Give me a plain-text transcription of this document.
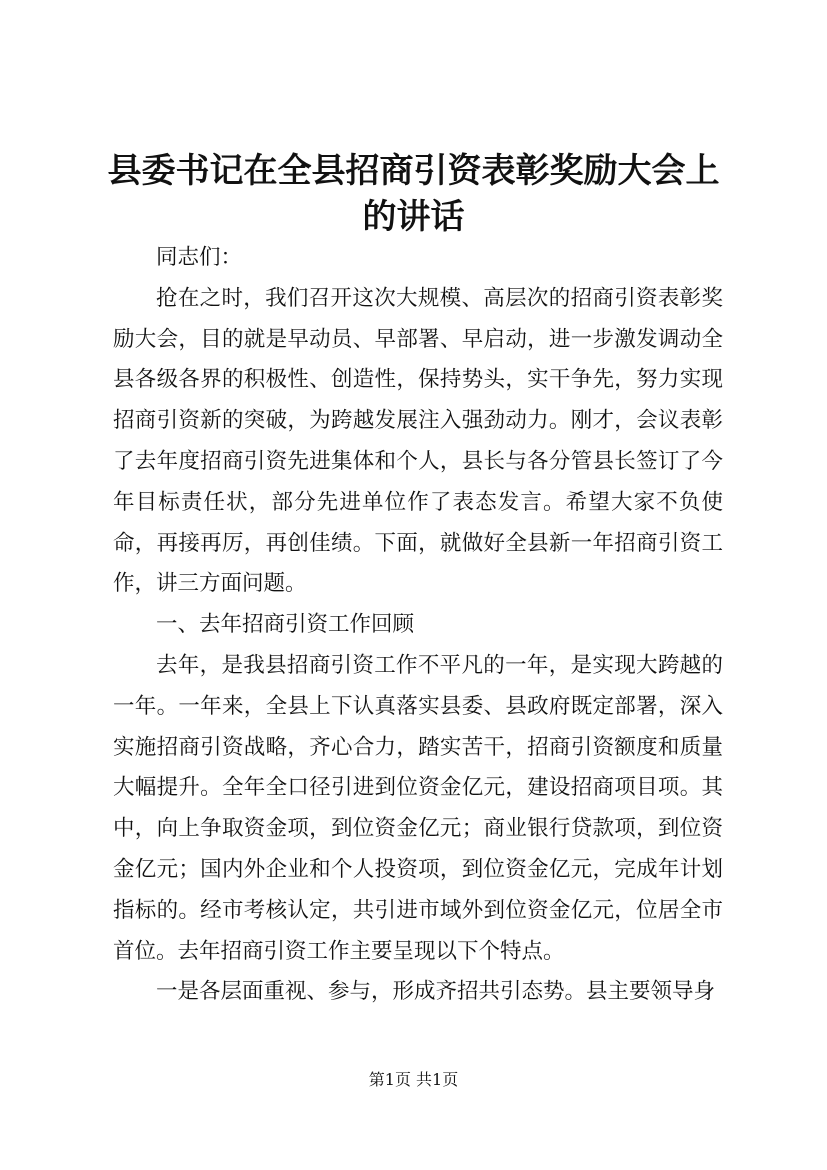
县委书记在全县招商引资表彰奖励大会上的讲话

同志们：

抢在之时，我们召开这次大规模、高层次的招商引资表彰奖励大会，目的就是早动员、早部署、早启动，进一步激发调动全县各级各界的积极性、创造性，保持势头，实干争先，努力实现招商引资新的突破，为跨越发展注入强劲动力。刚才，会议表彰了去年度招商引资先进集体和个人，县长与各分管县长签订了今年目标责任状，部分先进单位作了表态发言。希望大家不负使命，再接再厉，再创佳绩。下面，就做好全县新一年招商引资工作，讲三方面问题。

一、去年招商引资工作回顾

去年，是我县招商引资工作不平凡的一年，是实现大跨越的一年。一年来，全县上下认真落实县委、县政府既定部署，深入实施招商引资战略，齐心合力，踏实苦干，招商引资额度和质量大幅提升。全年全口径引进到位资金亿元，建设招商项目项。其中，向上争取资金项，到位资金亿元；商业银行贷款项，到位资金亿元；国内外企业和个人投资项，到位资金亿元，完成年计划指标的。经市考核认定，共引进市域外到位资金亿元，位居全市首位。去年招商引资工作主要呈现以下个特点。

一是各层面重视、参与，形成齐招共引态势。县主要领导身

第1页 共1页
